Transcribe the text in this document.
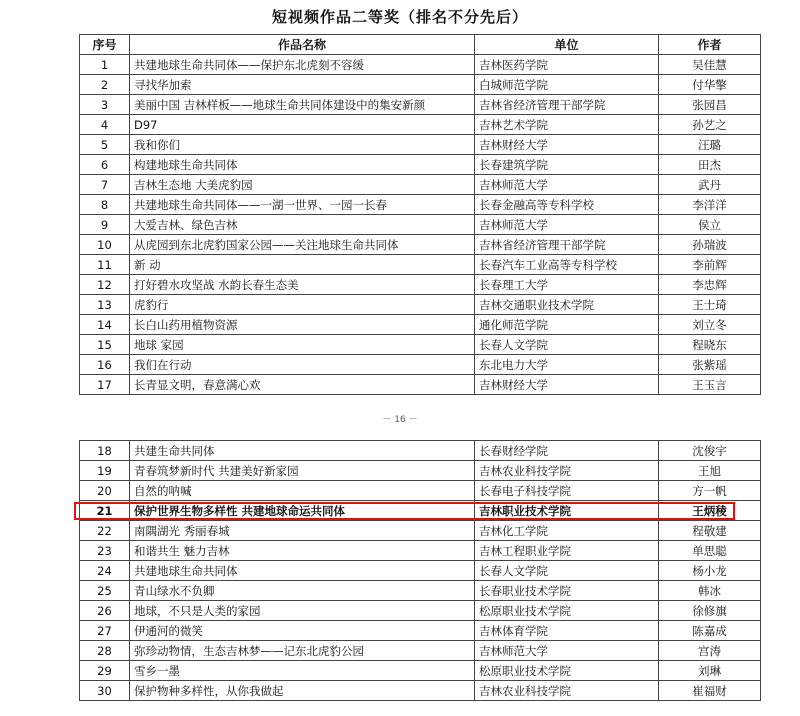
短视频作品二等奖（排名不分先后）
序号	作品名称	单位	作者
1	共建地球生命共同体——保护东北虎刻不容缓	吉林医药学院	吴佳慧
2	寻找华加索	白城师范学院	付华擎
3	美丽中国 吉林样板——地球生命共同体建设中的集安新颜	吉林省经济管理干部学院	张园昌
4	D97	吉林艺术学院	孙艺之
5	我和你们	吉林财经大学	汪璐
6	构建地球生命共同体	长春建筑学院	田杰
7	吉林生态地 大美虎豹园	吉林师范大学	武丹
8	共建地球生命共同体——一湖一世界、一园一长春	长春金融高等专科学校	李洋洋
9	大爱吉林、绿色吉林	吉林师范大学	侯立
10	从虎园到东北虎豹国家公园——关注地球生命共同体	吉林省经济管理干部学院	孙瑞波
11	新 动	长春汽车工业高等专科学校	李前辉
12	打好碧水攻坚战 水韵长春生态美	长春理工大学	李忠辉
13	虎豹行	吉林交通职业技术学院	王士琦
14	长白山药用植物资源	通化师范学院	刘立冬
15	地球 家园	长春人文学院	程晓东
16	我们在行动	东北电力大学	张紫瑶
17	长青显文明，春意满心欢	吉林财经大学	王玉言
－ 16 －
18	共建生命共同体	长春财经学院	沈俊宇
19	青春筑梦新时代 共建美好新家园	吉林农业科技学院	王旭
20	自然的呐喊	长春电子科技学院	方一帆
21	保护世界生物多样性 共建地球命运共同体	吉林职业技术学院	王炳稜
22	南隅湖光 秀丽春城	吉林化工学院	程敬建
23	和谐共生 魅力吉林	吉林工程职业学院	单思聪
24	共建地球生命共同体	长春人文学院	杨小龙
25	青山绿水不负卿	长春职业技术学院	韩冰
26	地球，不只是人类的家园	松原职业技术学院	徐修旗
27	伊通河的微笑	吉林体育学院	陈嘉成
28	弥珍动物情，生态吉林梦——记东北虎豹公园	吉林师范大学	宫涛
29	雪乡一墨	松原职业技术学院	刘琳
30	保护物种多样性，从你我做起	吉林农业科技学院	崔福财
